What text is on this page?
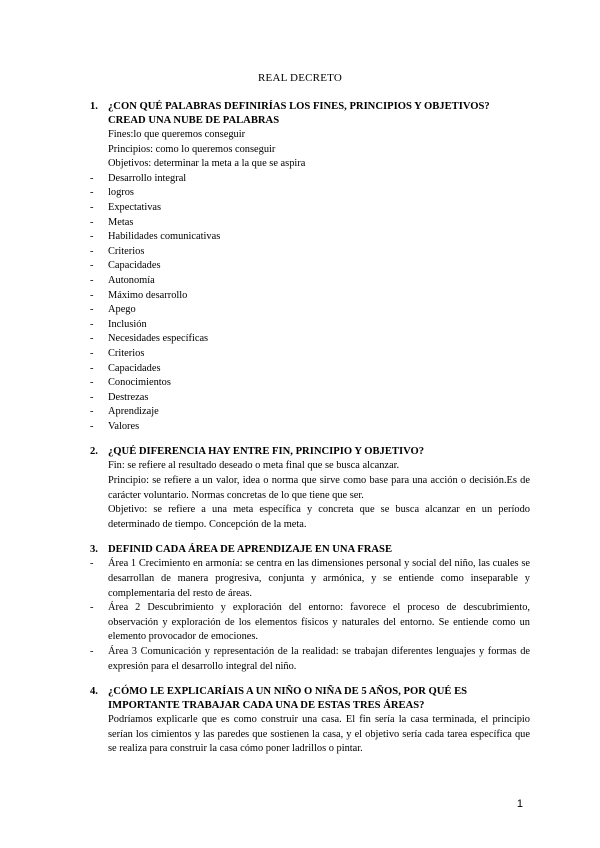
REAL DECRETO
1. ¿CON QUÉ PALABRAS DEFINIRÍAS LOS FINES, PRINCIPIOS Y OBJETIVOS? CREAD UNA NUBE DE PALABRAS
Fines:lo que queremos conseguir
Principios: como lo queremos conseguir
Objetivos: determinar la meta a la que se aspira
- Desarrollo integral
- logros
- Expectativas
- Metas
- Habilidades comunicativas
- Criterios
- Capacidades
- Autonomía
- Máximo desarrollo
- Apego
- Inclusión
- Necesidades específicas
- Criterios
- Capacidades
- Conocimientos
- Destrezas
- Aprendizaje
- Valores
2. ¿QUÉ DIFERENCIA HAY ENTRE FIN, PRINCIPIO Y OBJETIVO?
Fin: se refiere al resultado deseado o meta final que se busca alcanzar.
Principio: se refiere a un valor, idea o norma que sirve como base para una acción o decisión.Es de carácter voluntario. Normas concretas de lo que tiene que ser.
Objetivo: se refiere a una meta específica y concreta que se busca alcanzar en un período determinado de tiempo. Concepción de la meta.
3. DEFINID CADA ÁREA DE APRENDIZAJE EN UNA FRASE
- Área 1 Crecimiento en armonía: se centra en las dimensiones personal y social del niño, las cuales se desarrollan de manera progresiva, conjunta y armónica, y se entiende como inseparable y complementaria del resto de áreas.
- Área 2 Descubrimiento y exploración del entorno: favorece el proceso de descubrimiento, observación y exploración de los elementos físicos y naturales del entorno. Se entiende como un elemento provocador de emociones.
- Área 3 Comunicación y representación de la realidad: se trabajan diferentes lenguajes y formas de expresión para el desarrollo integral del niño.
4. ¿CÓMO LE EXPLICARÍAIS A UN NIÑO O NIÑA DE 5 AÑOS, POR QUÉ ES IMPORTANTE TRABAJAR CADA UNA DE ESTAS TRES ÁREAS?
Podríamos explicarle que es como construir una casa. El fin sería la casa terminada, el principio serían los cimientos y las paredes que sostienen la casa, y el objetivo sería cada tarea específica que se realiza para construir la casa cómo poner ladrillos o pintar.
1
